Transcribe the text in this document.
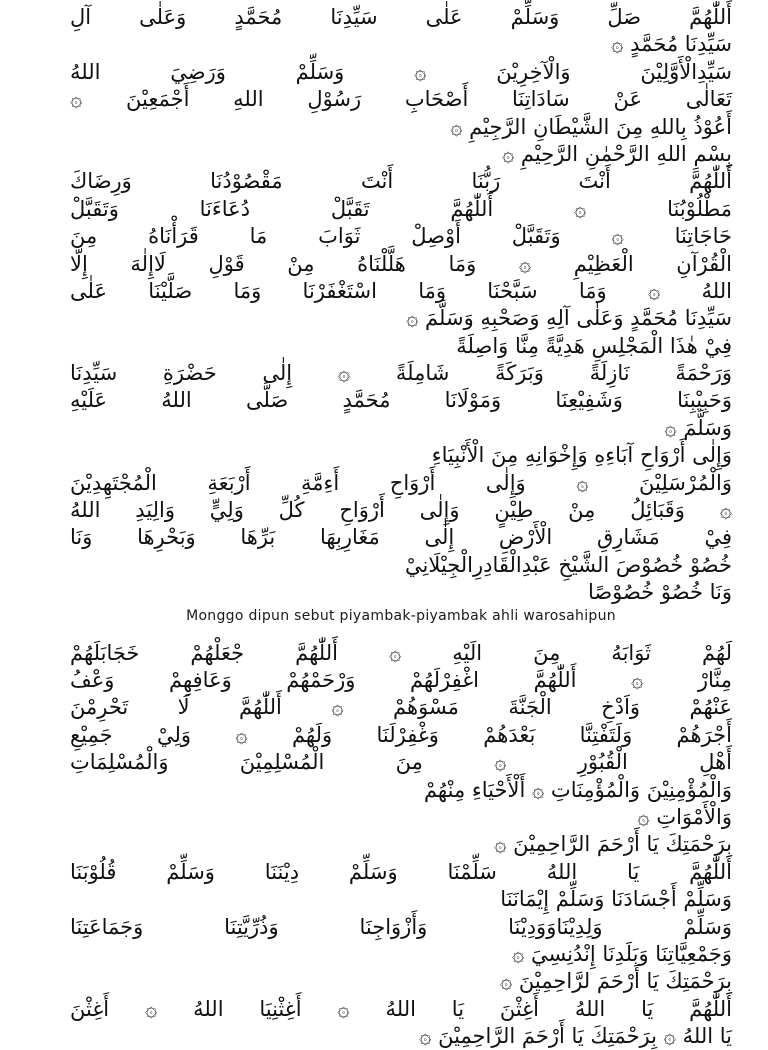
أَللّٰهُمَّ صَلِّ وَسَلِّمْ عَلٰى سَيِّدِنَا مُحَمَّدٍ وَعَلٰى آلِ
سَيِّدِنَا مُحَمَّدٍ ۞
سَيِّدِالْأَوَّلِيْنَ وَالْآخِرِيْنَ ۞ وَسَلِّمْ وَرَضِيَ اللهُ
تَعَالٰى عَنْ سَادَاتِنَا أَصْحَابِ رَسُوْلِ اللهِ أَجْمَعِيْنَ ۞
أَعُوْذُ بِاللهِ مِنَ الشَّيْطَانِ الرَّجِيْمِ ۞
بِسْمِ اللهِ الرَّحْمٰنِ الرَّحِيْمِ ۞
أَللّٰهُمَّ أَنْتَ رَبُّنَا أَنْتَ مَقْصُوْدُنَا وَرِضَاكَ
مَطْلُوْبُنَا ۞ أَللّٰهُمَّ تَقَبَّلْ دُعَاءَنَا وَتَقَبَّلْ
حَاجَاتِنَا ۞ وَتَقَبَّلْ أَوْصِلْ ثَوَابَ مَا قَرَأْنَاهُ مِنَ
الْقُرْآنِ الْعَظِيْمِ ۞ وَمَا هَلَّلْنَاهُ مِنْ قَوْلِ لَاإِلٰهَ إِلَّا
اللهُ ۞ وَمَا سَبَّحْنَا وَمَا اسْتَغْفَرْنَا وَمَا صَلَّيْنَا عَلٰى
سَيِّدِنَا مُحَمَّدٍ وَعَلٰى آلِهِ وَصَحْبِهِ وَسَلَّمَ ۞
فِيْ هٰذَا الْمَجْلِسِ هَدِيَّةً مِنَّا وَاصِلَةً
وَرَحْمَةً نَازِلَةً وَبَرَكَةً شَامِلَةً ۞ إِلٰى حَضْرَةِ سَيِّدِنَا
وَحَبِيْبِنَا وَشَفِيْعِنَا وَمَوْلَانَا مُحَمَّدٍ صَلَّى اللهُ عَلَيْهِ
وَسَلَّمَ ۞
وَإِلٰى أَرْوَاحِ آبَاءِهِ وَإِخْوَانِهِ مِنَ الْأَنْبِيَاءِ
وَالْمُرْسَلِيْنَ ۞ وَإِلٰى أَرْوَاحِ أَءِمَّةِ أَرْبَعَةِ الْمُجْتَهِدِيْنَ
۞ وَقَبَائِلُ مِنْ طِيْنٍ وَإِلٰى أَرْوَاحِ كُلِّ وَلِيٍّ وَالِيَدِ اللهُ
فِيْ مَشَارِقِ الْأَرْضِ إِلٰى مَغَارِبِهَا بَرِّهَا وَبَحْرِهَا وَنَا
خُصُوْ خُصُوْصَ الشَّيْخِ عَبْدِالْقَادِرِالْجِيْلَانِيْ
وَنَا خُصُوْ خُصُوْصًا
Monggo dipun sebut piyambak-piyambak ahli warosahipun
لَهُمْ ثَوَابَهُ مِنَ الَيْهِ ۞ أَللّٰهُمَّ جْعَلْهُمْ خَجَابَلَهُمْ
مِنَّارْ ۞ أَللّٰهُمَّ اغْفِرْلَهُمْ وَرْحَمْهُمْ وَعَافِهِمْ وَعْفُ
عَنْهُمْ وَاَدْخِ الْجَنَّةَ مَسْوَهُمْ ۞ أَللّٰهُمَّ لَا تَحْرِمْنَ
أَجْرَهُمْ وَلَتَفْتِنَّا بَعْدَهُمْ وَغْفِرْلَنَا وَلَهُمْ ۞ وَلِيْ جَمِيْعِ
أَهْلِ الْقُبُوْرِ ۞ مِنَ الْمُسْلِمِيْنَ وَالْمُسْلِمَاتِ
وَالْمُؤْمِنِيْنَ وَالْمُؤْمِنَاتِ ۞ أَلْأَحْيَاءِ مِنْهُمْ
وَالْأَمْوَاتِ ۞
بِرَحْمَتِكَ يَا أَرْحَمَ الرَّاحِمِيْنَ ۞
أَللّٰهُمَّ يَا اللهُ سَلِّمْنَا وَسَلِّمْ دِيْنَنَا وَسَلِّمْ قُلُوْبَنَا
وَسَلِّمْ أَجْسَادَنَا وَسَلِّمْ إِيْمَانَنَا
وَسَلِّمْ وَلِدِيْنَاوَوَدِيْنَا وَأَزْوَاجِنَا وَذُرِّيَّتِنَا وَجَمَاعَتِنَا
وَجَمْعِيَّاتِنَا وَبَلَدِنَا إِنْدُنِسِيَ ۞
بِرَحْمَتِكَ يَا أَرْحَمَ لرَّاحِمِيْنَ ۞
أَللّٰهُمَّ يَا اللهُ أَغِثْنَ يَا اللهُ ۞ أَغِثْنِيَا اللهُ ۞ أَغِثْنَ
يَا اللهُ ۞ بِرَحْمَتِكَ يَا أَرْحَمَ الرَّاحِمِيْنَ ۞
